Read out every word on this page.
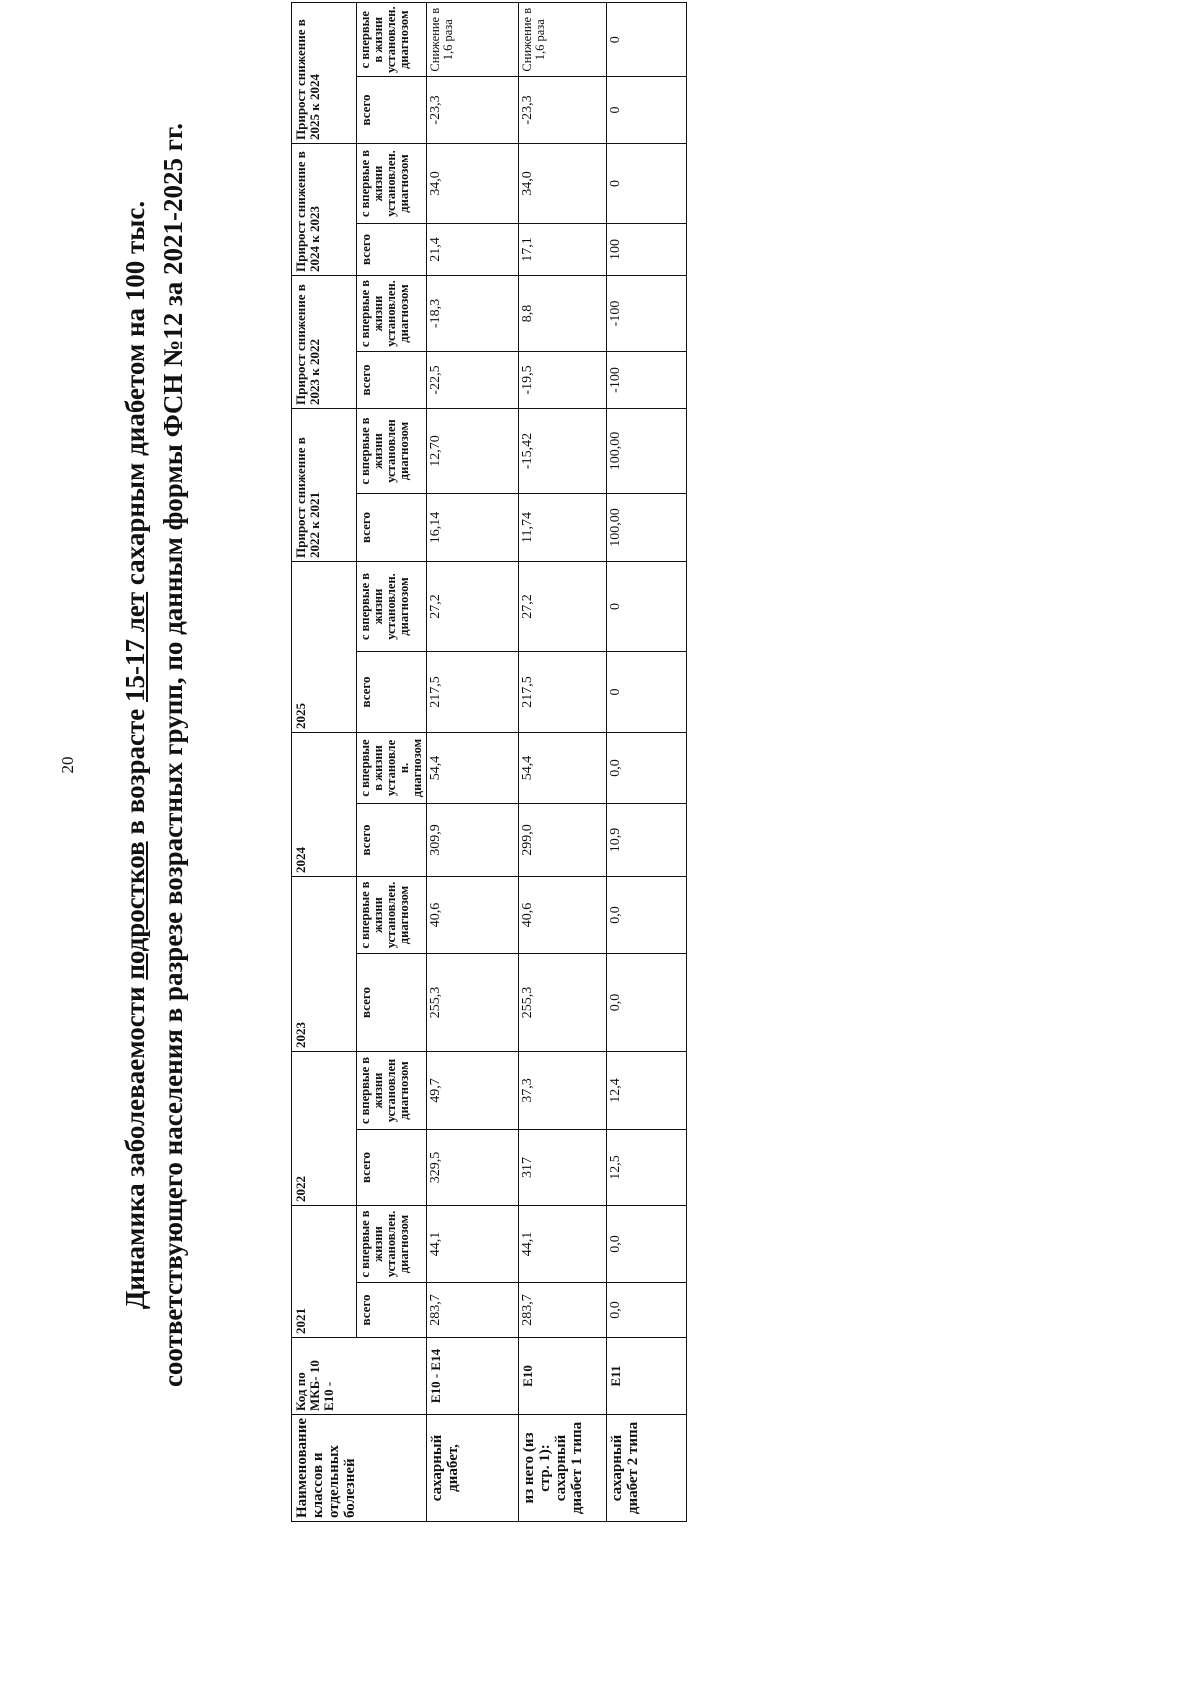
20
Динамика заболеваемости подростков в возрасте 15-17 лет сахарным диабетом на 100 тыс. соответствующего населения в разрезе возрастных групп, по данным формы ФСН №12 за 2021-2025 гг.
Наименование классов и отдельных болезней	Код по МКБ- 10 Е10 -	2021		2022		2023		2024		2025		Прирост снижение в 2022 к 2021		Прирост снижение в 2023 к 2022		Прирост снижение в 2024 к 2023		Прирост снижение в 2025 к 2024	
		всего	с впервые в жизни установлен. диагнозом	всего	с впервые в жизни установлен диагнозом	всего	с впервые в жизни установлен. диагнозом	всего	с впервые в жизни установле н. диагнозом	всего	с впервые в жизни установлен. диагнозом	всего	с впервые в жизни установлен диагнозом	всего	с впервые в жизни установлен. диагнозом	всего	с впервые в жизни установлен. диагнозом	всего	с впервые в жизни установлен. диагнозом
сахарный диабет,	Е10 - Е14	283,7	44,1	329,5	49,7	255,3	40,6	309,9	54,4	217,5	27,2	16,14	12,70	-22,5	-18,3	21,4	34,0	-23,3	Снижение в 1,6 раза
из него (из стр. 1): сахарный диабет 1 типа	Е10	283,7	44,1	317	37,3	255,3	40,6	299,0	54,4	217,5	27,2	11,74	-15,42	-19,5	8,8	17,1	34,0	-23,3	Снижение в 1,6 раза
сахарный диабет 2 типа	Е11	0,0	0,0	12,5	12,4	0,0	0,0	10,9	0,0	0	0	100,00	100,00	-100	-100	100	0	0	0
